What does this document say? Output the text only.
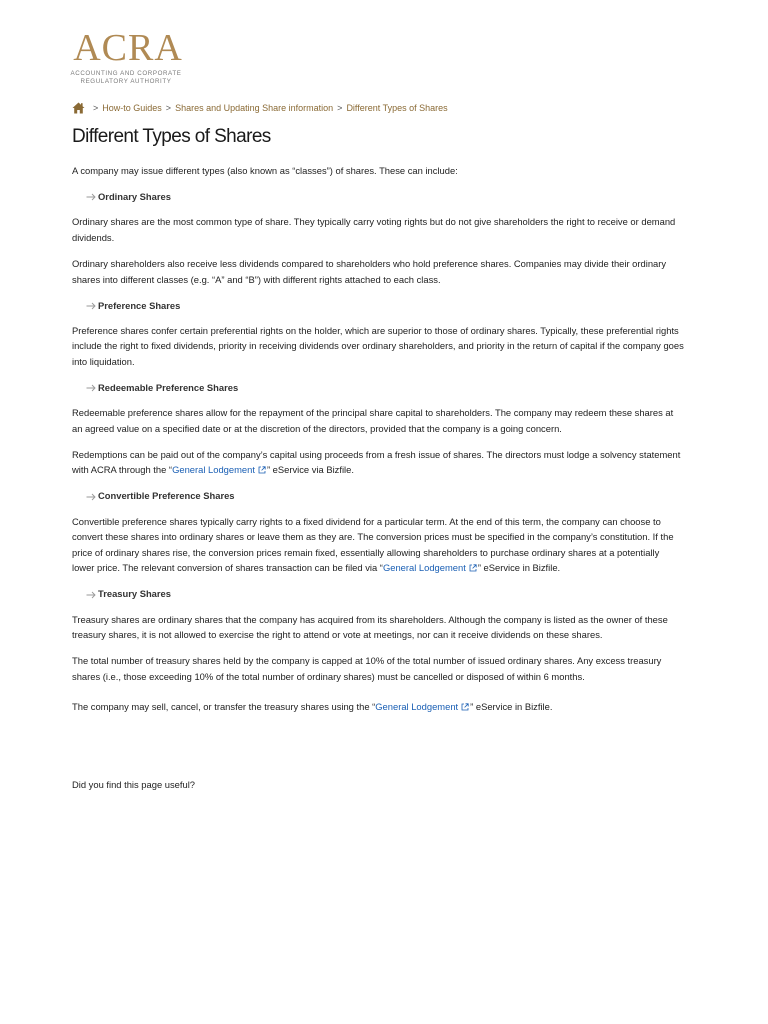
ACRA
ACCOUNTING AND CORPORATE
REGULATORY AUTHORITY
> How-to Guides > Shares and Updating Share information > Different Types of Shares
Different Types of Shares

A company may issue different types (also known as “classes”) of shares. These can include:

Ordinary Shares

Ordinary shares are the most common type of share. They typically carry voting rights but do not give shareholders the right to receive or demand dividends.

Ordinary shareholders also receive less dividends compared to shareholders who hold preference shares. Companies may divide their ordinary shares into different classes (e.g. “A” and “B”) with different rights attached to each class.

Preference Shares

Preference shares confer certain preferential rights on the holder, which are superior to those of ordinary shares. Typically, these preferential rights include the right to fixed dividends, priority in receiving dividends over ordinary shareholders, and priority in the return of capital if the company goes into liquidation.

Redeemable Preference Shares

Redeemable preference shares allow for the repayment of the principal share capital to shareholders. The company may redeem these shares at an agreed value on a specified date or at the discretion of the directors, provided that the company is a going concern.

Redemptions can be paid out of the company’s capital using proceeds from a fresh issue of shares. The directors must lodge a solvency statement with ACRA through the “General Lodgement ” eService via Bizfile.

Convertible Preference Shares

Convertible preference shares typically carry rights to a fixed dividend for a particular term. At the end of this term, the company can choose to convert these shares into ordinary shares or leave them as they are. The conversion prices must be specified in the company’s constitution. If the price of ordinary shares rise, the conversion prices remain fixed, essentially allowing shareholders to purchase ordinary shares at a potentially lower price. The relevant conversion of shares transaction can be filed via “General Lodgement ” eService in Bizfile.

Treasury Shares

Treasury shares are ordinary shares that the company has acquired from its shareholders. Although the company is listed as the owner of these treasury shares, it is not allowed to exercise the right to attend or vote at meetings, nor can it receive dividends on these shares.

The total number of treasury shares held by the company is capped at 10% of the total number of issued ordinary shares. Any excess treasury shares (i.e., those exceeding 10% of the total number of ordinary shares) must be cancelled or disposed of within 6 months.

The company may sell, cancel, or transfer the treasury shares using the “General Lodgement ” eService in Bizfile.

Did you find this page useful?
